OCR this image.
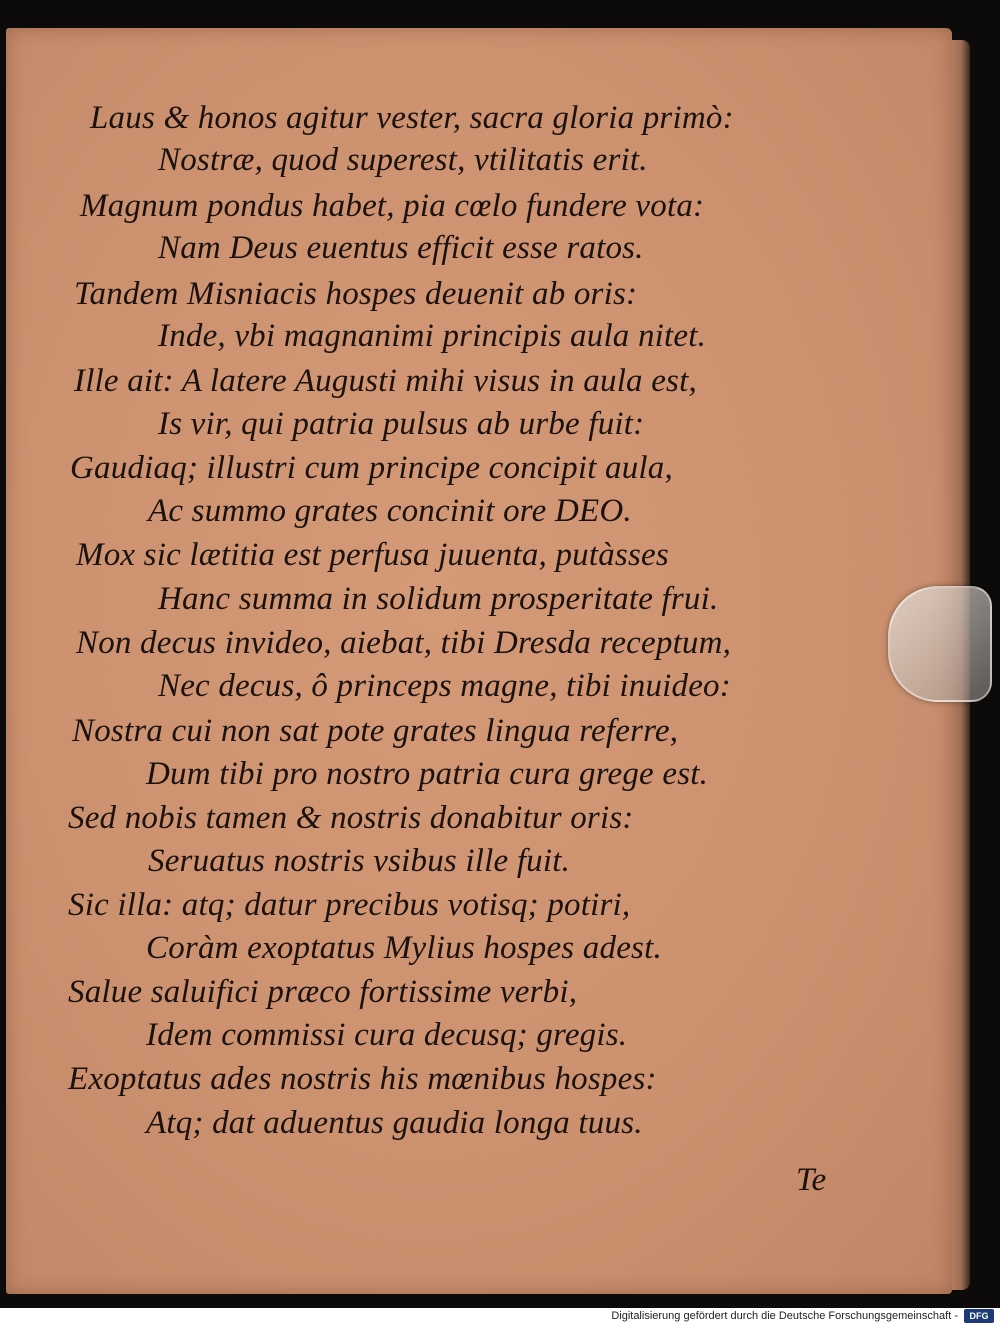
Laus & honos agitur vester, sacra gloria primò:
Nostræ, quod superest, vtilitatis erit.
Magnum pondus habet, pia cœlo fundere vota:
Nam Deus euentus efficit esse ratos.
Tandem Misniacis hospes deuenit ab oris:
Inde, vbi magnanimi principis aula nitet.
Ille ait: A latere Augusti mihi visus in aula est,
Is vir, qui patria pulsus ab urbe fuit:
Gaudiaq; illustri cum principe concipit aula,
Ac summo grates concinit ore DEO.
Mox sic lætitia est perfusa juuenta, putàsses
Hanc summa in solidum prosperitate frui.
Non decus invideo, aiebat, tibi Dresda receptum,
Nec decus, ô princeps magne, tibi inuideo:
Nostra cui non sat pote grates lingua referre,
Dum tibi pro nostro patria cura grege est.
Sed nobis tamen & nostris donabitur oris:
Seruatus nostris vsibus ille fuit.
Sic illa: atq; datur precibus votisq; potiri,
Coràm exoptatus Mylius hospes adest.
Salue saluifici præco fortissime verbi,
Idem commissi cura decusq; gregis.
Exoptatus ades nostris his mœnibus hospes:
Atq; dat aduentus gaudia longa tuus.
Te
Digitalisierung gefördert durch die Deutsche Forschungsgemeinschaft -	DFG
